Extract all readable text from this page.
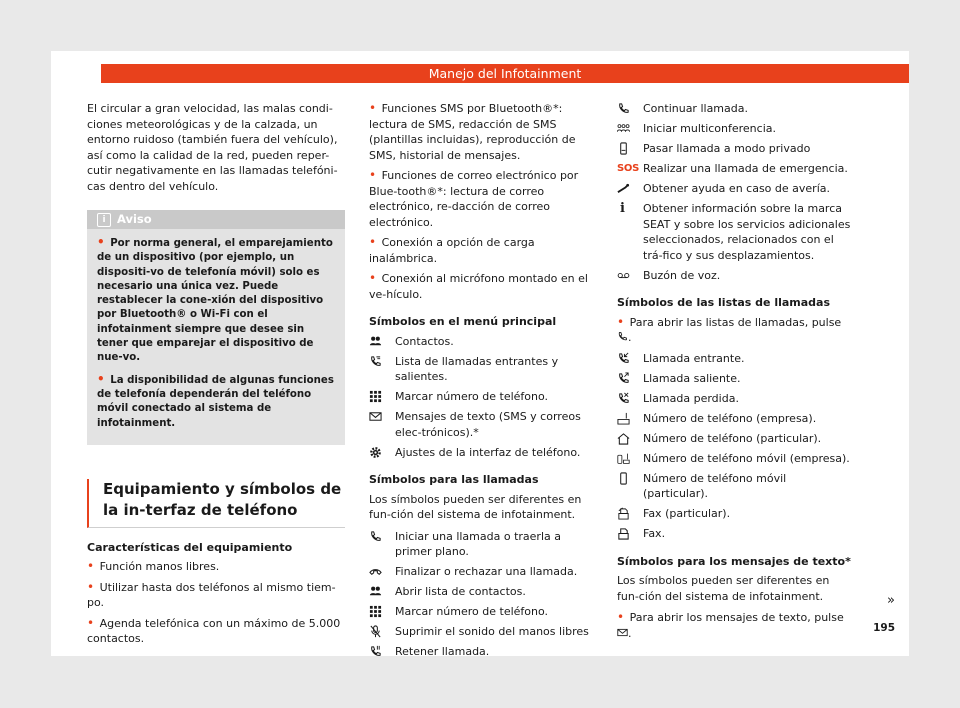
Manejo del Infotainment

El circular a gran velocidad, las malas condi-ciones meteorológicas y de la calzada, un entorno ruidoso (también fuera del vehículo), así como la calidad de la red, pueden reper-cutir negativamente en las llamadas telefóni-cas dentro del vehículo.

i Aviso

• Por norma general, el emparejamiento de un dispositivo (por ejemplo, un dispositi-vo de telefonía móvil) solo es necesario una única vez. Puede restablecer la cone-xión del dispositivo por Bluetooth® o Wi-Fi con el infotainment siempre que desee sin tener que emparejar el dispositivo de nue-vo.

• La disponibilidad de algunas funciones de telefonía dependerán del teléfono móvil conectado al sistema de infotainment.

Equipamiento y símbolos de la in-terfaz de teléfono

Características del equipamiento

• Función manos libres.

• Utilizar hasta dos teléfonos al mismo tiem-po.

• Agenda telefónica con un máximo de 5.000 contactos.

• Funciones SMS por Bluetooth®*: lectura de SMS, redacción de SMS (plantillas incluidas), reproducción de SMS, historial de mensajes.

• Funciones de correo electrónico por Blue-tooth®*: lectura de correo electrónico, re-dacción de correo electrónico.

• Conexión a opción de carga inalámbrica.

• Conexión al micrófono montado en el ve-hículo.

Símbolos en el menú principal

Contactos.
Lista de llamadas entrantes y salientes.
Marcar número de teléfono.
Mensajes de texto (SMS y correos elec-trónicos).*
Ajustes de la interfaz de teléfono.

Símbolos para las llamadas

Los símbolos pueden ser diferentes en fun-ción del sistema de infotainment.

Iniciar una llamada o traerla a primer plano.
Finalizar o rechazar una llamada.
Abrir lista de contactos.
Marcar número de teléfono.
Suprimir el sonido del manos libres
Retener llamada.
Continuar llamada.
Iniciar multiconferencia.
Pasar llamada a modo privado
SOS Realizar una llamada de emergencia.
Obtener ayuda en caso de avería.
i Obtener información sobre la marca SEAT y sobre los servicios adicionales seleccionados, relacionados con el trá-fico y sus desplazamientos.
Buzón de voz.

Símbolos de las listas de llamadas

• Para abrir las listas de llamadas, pulse .

Llamada entrante.
Llamada saliente.
Llamada perdida.
Número de teléfono (empresa).
Número de teléfono (particular).
Número de teléfono móvil (empresa).
Número de teléfono móvil (particular).
Fax (particular).
Fax.

Símbolos para los mensajes de texto*

Los símbolos pueden ser diferentes en fun-ción del sistema de infotainment.

• Para abrir los mensajes de texto, pulse .

»
195
